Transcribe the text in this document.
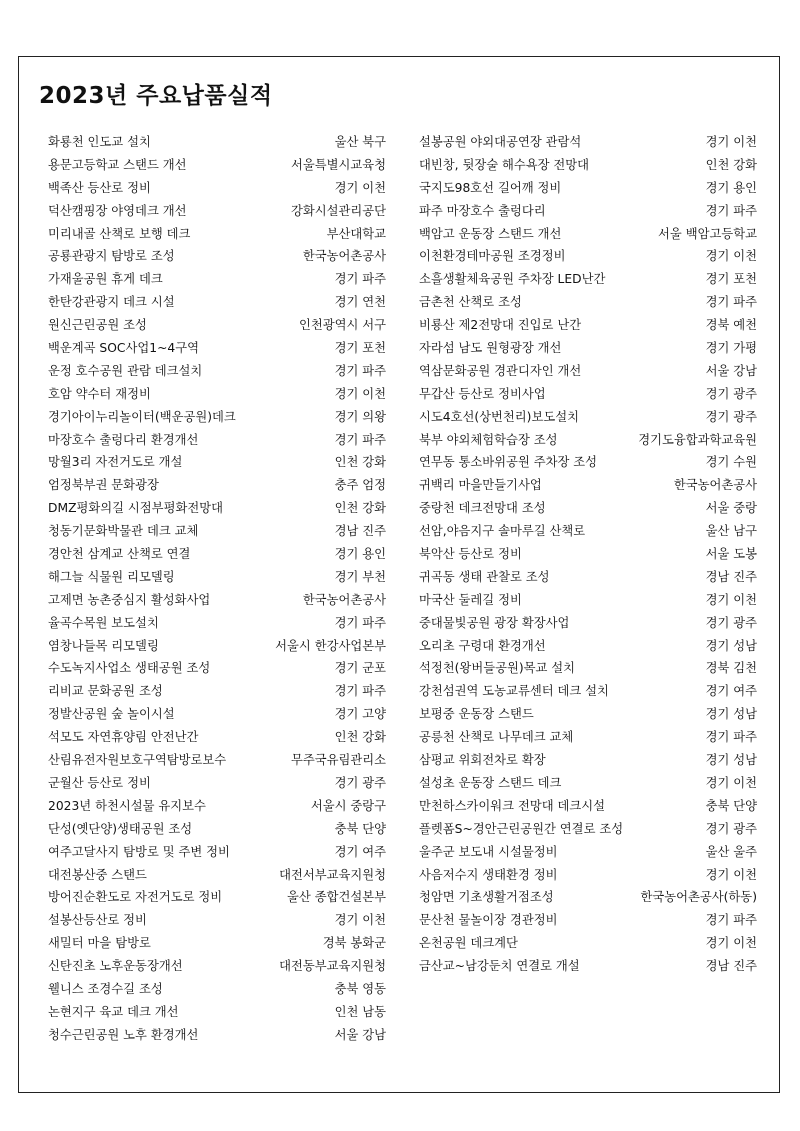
2023년 주요납품실적
화룡천 인도교 설치	울산 북구
용문고등학교 스탠드 개선	서울특별시교육청
백족산 등산로 정비	경기 이천
덕산캠핑장 야영데크 개선	강화시설관리공단
미리내골 산책로 보행 데크	부산대학교
공룡관광지 탐방로 조성	한국농어촌공사
가재울공원 휴게 데크	경기 파주
한탄강관광지 데크 시설	경기 연천
원신근린공원 조성	인천광역시 서구
백운계곡 SOC사업1~4구역	경기 포천
운정 호수공원 관람 데크설치	경기 파주
호암 약수터 재정비	경기 이천
경기아이누리놀이터(백운공원)데크	경기 의왕
마장호수 출렁다리 환경개선	경기 파주
망월3리 자전거도로 개설	인천 강화
엄정북부권 문화광장	충주 엄정
DMZ평화의길 시점부평화전망대	인천 강화
청동기문화박물관 데크 교체	경남 진주
경안천 삼계교 산책로 연결	경기 용인
해그늘 식물원 리모델링	경기 부천
고제면 농촌중심지 활성화사업	한국농어촌공사
율곡수목원 보도설치	경기 파주
염창나들목 리모델링	서울시 한강사업본부
수도녹지사업소 생태공원 조성	경기 군포
리비교 문화공원 조성	경기 파주
정발산공원 숲 놀이시설	경기 고양
석모도 자연휴양림 안전난간	인천 강화
산림유전자원보호구역탐방로보수	무주국유림관리소
군월산 등산로 정비	경기 광주
2023년 하천시설물 유지보수	서울시 중랑구
단성(옛단양)생태공원 조성	충북 단양
여주고달사지 탐방로 및 주변 정비	경기 여주
대전봉산중 스탠드	대전서부교육지원청
방어진순환도로 자전거도로 정비	울산 종합건설본부
설봉산등산로 정비	경기 이천
새밀터 마을 탐방로	경북 봉화군
신탄진초 노후운동장개선	대전동부교육지원청
웰니스 조경수길 조성	충북 영동
논현지구 육교 데크 개선	인천 남동
청수근린공원 노후 환경개선	서울 강남
설봉공원 야외대공연장 관람석	경기 이천
대빈창, 뒷장술 해수욕장 전망대	인천 강화
국지도98호선 길어깨 정비	경기 용인
파주 마장호수 출렁다리	경기 파주
백암고 운동장 스탠드 개선	서울 백암고등학교
이천환경테마공원 조경정비	경기 이천
소흘생활체육공원 주차장 LED난간	경기 포천
금촌천 산책로 조성	경기 파주
비룡산 제2전망대 진입로 난간	경북 예천
자라섬 남도 원형광장 개선	경기 가평
역삼문화공원 경관디자인 개선	서울 강남
무갑산 등산로 정비사업	경기 광주
시도4호선(상번천리)보도설치	경기 광주
북부 야외체험학습장 조성	경기도융합과학교육원
연무동 통소바위공원 주차장 조성	경기 수원
귀백리 마을만들기사업	한국농어촌공사
중랑천 데크전망대 조성	서울 중랑
선암,야음지구 솔마루길 산책로	울산 남구
북악산 등산로 정비	서울 도봉
귀곡동 생태 관찰로 조성	경남 진주
마국산 둘레길 정비	경기 이천
중대물빛공원 광장 확장사업	경기 광주
오리초 구령대 환경개선	경기 성남
석정천(왕버들공원)목교 설치	경북 김천
강천섬권역 도농교류센터 데크 설치	경기 여주
보평중 운동장 스탠드	경기 성남
공릉천 산책로 나무데크 교체	경기 파주
삼평교 위회전차로 확장	경기 성남
설성초 운동장 스탠드 데크	경기 이천
만천하스카이워크 전망대 데크시설	충북 단양
플렛폼S~경안근린공원간 연결로 조성	경기 광주
울주군 보도내 시설물정비	울산 울주
사음저수지 생태환경 정비	경기 이천
청암면 기초생활거점조성	한국농어촌공사(하동)
문산천 물놀이장 경관정비	경기 파주
온천공원 데크계단	경기 이천
금산교~남강둔치 연결로 개설	경남 진주
